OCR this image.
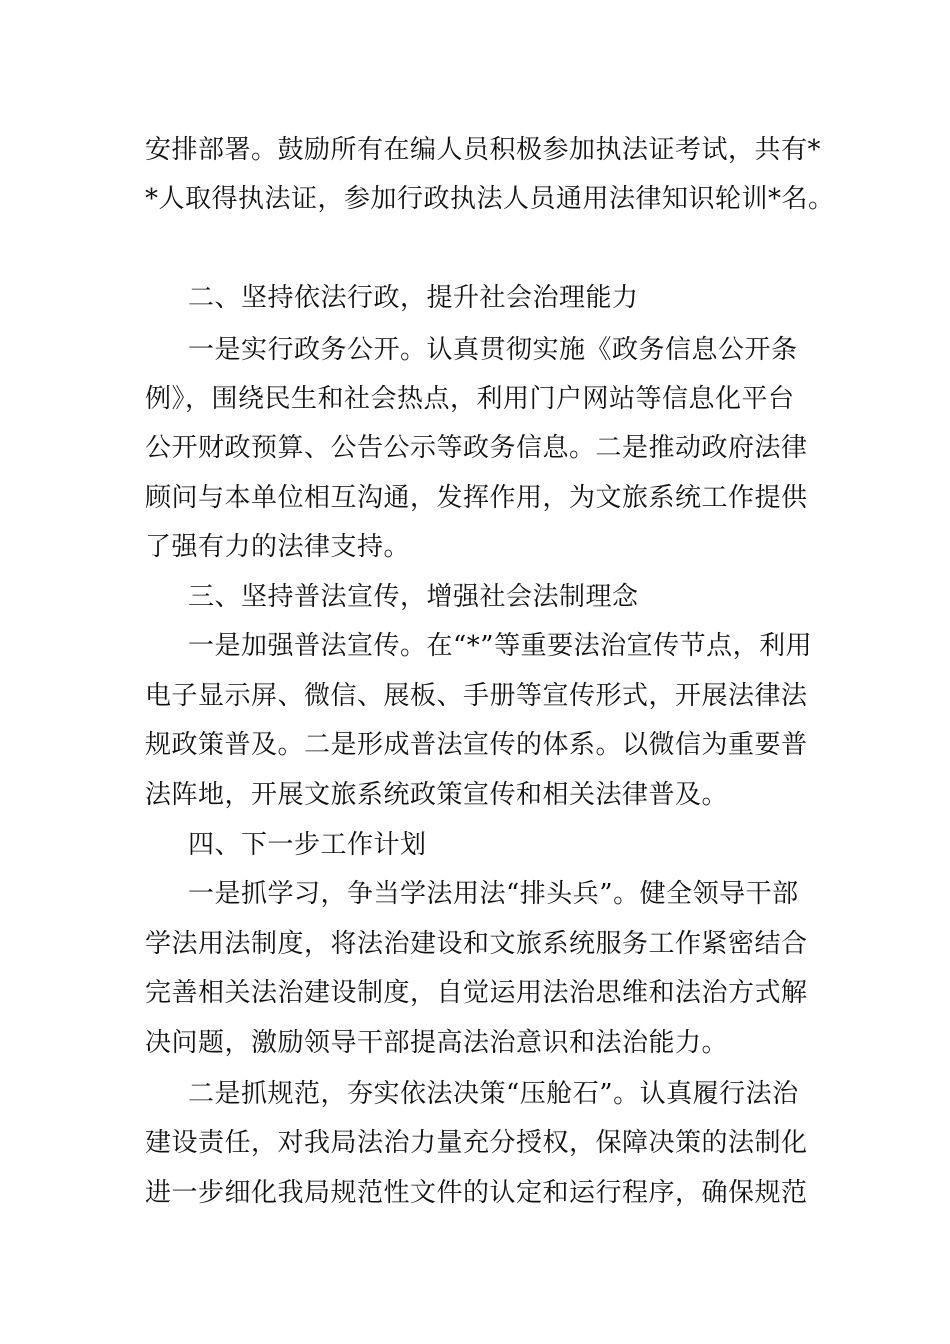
安排部署。鼓励所有在编人员积极参加执法证考试，共有*
*人取得执法证，参加行政执法人员通用法律知识轮训*名。
二、坚持依法行政，提升社会治理能力
一是实行政务公开。认真贯彻实施《政务信息公开条
例》，围绕民生和社会热点，利用门户网站等信息化平台
公开财政预算、公告公示等政务信息。二是推动政府法律
顾问与本单位相互沟通，发挥作用，为文旅系统工作提供
了强有力的法律支持。
三、坚持普法宣传，增强社会法制理念
一是加强普法宣传。在“*”等重要法治宣传节点，利用
电子显示屏、微信、展板、手册等宣传形式，开展法律法
规政策普及。二是形成普法宣传的体系。以微信为重要普
法阵地，开展文旅系统政策宣传和相关法律普及。
四、下一步工作计划
一是抓学习，争当学法用法“排头兵”。健全领导干部
学法用法制度，将法治建设和文旅系统服务工作紧密结合
完善相关法治建设制度，自觉运用法治思维和法治方式解
决问题，激励领导干部提高法治意识和法治能力。
二是抓规范，夯实依法决策“压舱石”。认真履行法治
建设责任，对我局法治力量充分授权，保障决策的法制化
进一步细化我局规范性文件的认定和运行程序，确保规范
